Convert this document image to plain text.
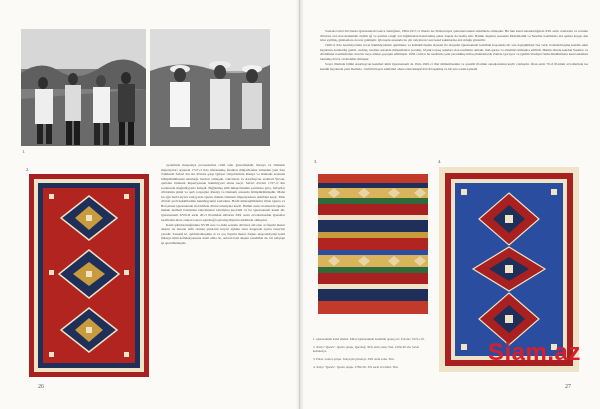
əyalətində məqsəsiya prosseslərinə ciddi təsir göstərməkdir. Rusiya və Osmanlı imperiyaları arasında 1727-ci ildə imzalanmış İstanbul müqaviləsinə istinaden yeni İran Təhmasib Səfəvi hər iki dövlətə qarşı Qafqaz vilayətlərinin Rusiya və Osmanlı arasında bölüşdürülmasini tanımağa məcbur olmuşdu. Gürcüstan və Azərbaycan əraziləri Şirvan, qərbdən Osmanlı imperiyasının hakimiyyəti altına keçir. Səfəvi dövləti 1727-ci ilin sonlarında məğlubiyyətlə üzləşdi. Bağlanmış sülh müqaviləsinin şərtlərinə görə, Səfəvilər dövlətinin şimal və qərb torpaqları Rusiya və Osmanlı arasında bölüşdürülmüşdür. Məhz bu ağır harbi-siyasi vəziyyətdə Qazax mahalı Osmanlı imperiyasının tərkibinə keçir, Türk dövləti yerli hakimlərinin hakimiyyətini saxladılar. Hərbi müstəqilliklərini itirən Qazax və Borçalının Qazaxənnəli ilə birlikdə dövlət tabeliyinə keçdi. Həmin əsrin ortalarında Qazax mahalı inzibati baxımdan Gürcüstanın tabeliyinə keçirildi və bu Qazaxənnəli kəndi idi. Qazaxənnəli XVII-II əsrin 20-ci illərindən etibarən XIX əsrin əvvəllərinədək Qazaxlar tərəfindən idarə olunan Gəncə-Qarabağ bəylərbəyiliyinin tərkibində olmuşdur.

Kənd qəbiristanlığındakı XVIII əsrə və daha sonrakı dövrlərə aid olan at fiqurlu məzar daşları da burada dəfn olunan şəxslərin köçəri ağlıma tanrı haqqında ayrını təsəvvür yaradır. Təəssüf ki, qəbiristanlıqdakı at və qoç fiqurlu məzar daşları ekspozisiyalar kənd müzeyi üçün kolleksiyalarına daxil edilə də, onların bəzi daşları təsadüfən də, bir tədqiqat işi aparılmamışdır.

1.
2.
26

Sonrakı tarixi dövrlərdə Qazaxənnəli Gəncə xanlığının, 1804-1917-ci illərdə isə Yelizavetpol qubernatorunun tərkibində olmuşdur. Bu fakt kənd sənətkarlığında XIX əsrin ortalarına və sonrakı dövrlərə aid olan məlumatlı ölçülü ağ və qırmızı rəngli xal dağılmadan hazırlanmış şəkər dəştən də təsdiq edir. Həmin daşların əsasında Mollaməmli və Səsallar nəsillərinə aid qəmzə koşqu dən izlər eyilmiş, günbəzlərə də izər gəlmiştir. Qloruşdu əsasında bu çür xalçaların vəzx kənd sakinlərinə aid olduğu göstərilir.

1920-ci ildə Azərbaycanda sovet hakimiyyətinin qurulması və kollektivləşmə siyasəti ilə əlaqədar Qazaxənnəli kəndinin həyatında bir sıra dəyişikliklər baş verir. Kollektivləşmə kəndin sakit həyatının narahatlıq gətirir, asılılıq, nəsillər arasında münasibətlər pozulur, böyük torpaq sahələri olan nəsillərin əmlakı, mal-qarası və əmsilləri müsadirə edilirdi. Həmin illərdə kənddə Səsallar və Abdullalar nəsillərindən olan bir neçə ailələr qaçaqlar edilmişdi. 1930-cu illər bu nəsillərlə yeni yaradılmış ittifaq məktəblərdə Zaman Qocayev və Qadim Verdiyev kimi müəllimlərlə kənd sakinləri tanınmış dövrə cavabdəlik olmuşlar.

Sovet illərində bütün Azərbaycan kəndləri kimi Qazaxənnəli də 1941-1945-ci illər müharibəsinin və qəzəbli illərinin sınaqlarından keçib çıxmışdır. Ötən əsrin 70-ci illərinin əvvəllərində isə kəndin həyatında yeni mərhələ - birbirbi həyat səhifələri əhatə edən inkişaf dövrü başlamış və bir sıra sosial-iqtisadi

3.	4.
1. Qazaxənnəli kənd əhalisi. Mirzə Qazaxənnəli kəndinin qonaq evi. Fotolar: 1972-ci il.
2. Xalça "Qazax". Qazax qrupu. Qarabağ. XIX əsrin sonu. Yun. 230x120 sm. Şəxsi kolleksiya.
3. Palaz. Gəncə qrupu. Xalçaçılıq muzeyi. XIX əsrin sonu. Yun.
4. Xalça "Qazax". Qazax qrupu. 278x136. XX əsrin əvvəlləri. Yun.
27
Siam.az
